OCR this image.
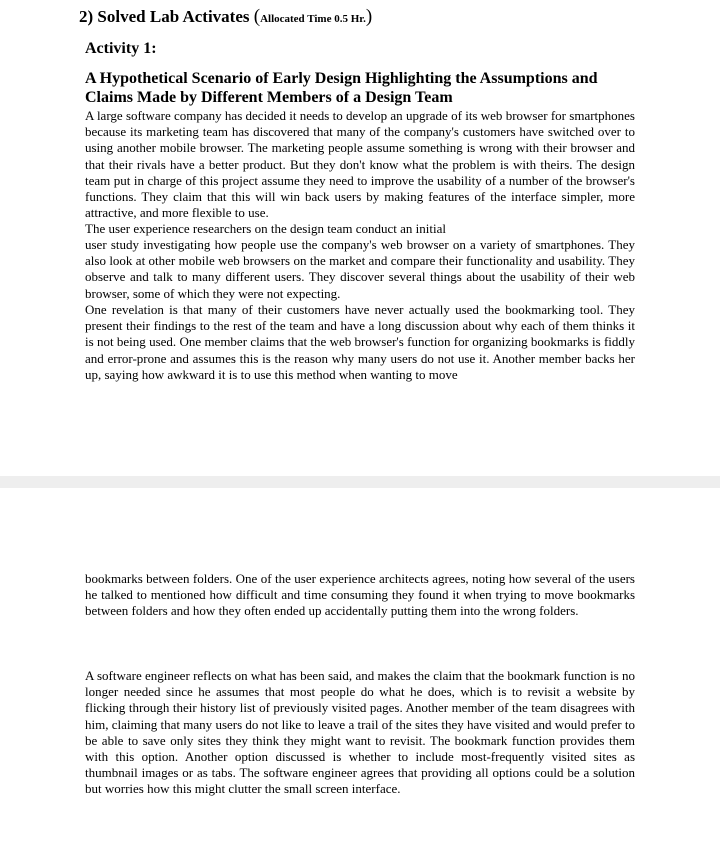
2) Solved Lab Activates (Allocated Time 0.5 Hr.)
Activity 1:
A Hypothetical Scenario of Early Design Highlighting the Assumptions and Claims Made by Different Members of a Design Team
A large software company has decided it needs to develop an upgrade of its web browser for smartphones because its marketing team has discovered that many of the company's customers have switched over to using another mobile browser. The marketing people assume something is wrong with their browser and that their rivals have a better product. But they don't know what the problem is with theirs. The design team put in charge of this project assume they need to improve the usability of a number of the browser's functions. They claim that this will win back users by making features of the interface simpler, more attractive, and more flexible to use.
The user experience researchers on the design team conduct an initial
user study investigating how people use the company's web browser on a variety of smartphones. They also look at other mobile web browsers on the market and compare their functionality and usability. They observe and talk to many different users. They discover several things about the usability of their web browser, some of which they were not expecting.
One revelation is that many of their customers have never actually used the bookmarking tool. They present their findings to the rest of the team and have a long discussion about why each of them thinks it is not being used. One member claims that the web browser's function for organizing bookmarks is fiddly and error-prone and assumes this is the reason why many users do not use it. Another member backs her up, saying how awkward it is to use this method when wanting to move
bookmarks between folders. One of the user experience architects agrees, noting how several of the users he talked to mentioned how difficult and time consuming they found it when trying to move bookmarks between folders and how they often ended up accidentally putting them into the wrong folders.
A software engineer reflects on what has been said, and makes the claim that the bookmark function is no longer needed since he assumes that most people do what he does, which is to revisit a website by flicking through their history list of previously visited pages. Another member of the team disagrees with him, claiming that many users do not like to leave a trail of the sites they have visited and would prefer to be able to save only sites they think they might want to revisit. The bookmark function provides them with this option. Another option discussed is whether to include most-frequently visited sites as thumbnail images or as tabs. The software engineer agrees that providing all options could be a solution but worries how this might clutter the small screen interface.
